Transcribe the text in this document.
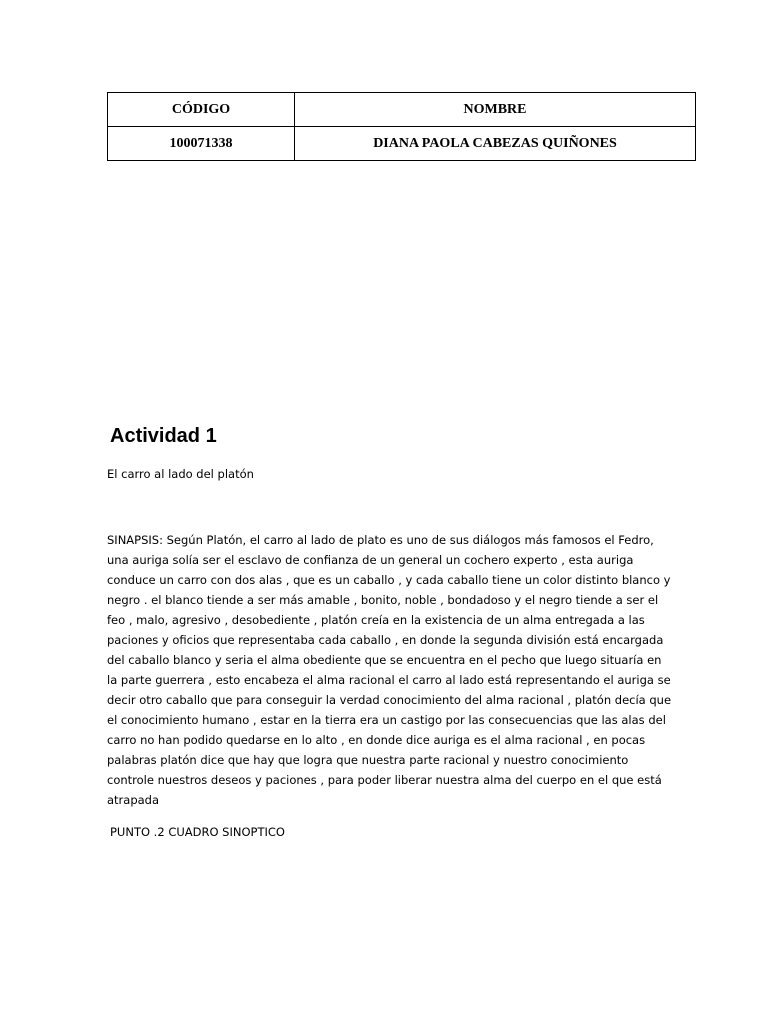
CÓDIGO	NOMBRE
100071338	DIANA PAOLA CABEZAS QUIÑONES
Actividad 1

El carro al lado del platón

SINAPSIS: Según Platón, el carro al lado de plato es uno de sus diálogos más famosos el Fedro,
una auriga solía ser el esclavo de confianza de un general un cochero experto , esta auriga
conduce un carro con dos alas , que es un caballo , y cada caballo tiene un color distinto blanco y
negro . el blanco tiende a ser más amable , bonito, noble , bondadoso y el negro tiende a ser el
feo , malo, agresivo , desobediente , platón creía en la existencia de un alma entregada a las
paciones y oficios que representaba cada caballo , en donde la segunda división está encargada
del caballo blanco y seria el alma obediente que se encuentra en el pecho que luego situaría en
la parte guerrera , esto encabeza el alma racional el carro al lado está representando el auriga se
decir otro caballo que para conseguir la verdad conocimiento del alma racional , platón decía que
el conocimiento humano , estar en la tierra era un castigo por las consecuencias que las alas del
carro no han podido quedarse en lo alto , en donde dice auriga es el alma racional , en pocas
palabras platón dice que hay que logra que nuestra parte racional y nuestro conocimiento
controle nuestros deseos y paciones , para poder liberar nuestra alma del cuerpo en el que está
atrapada

PUNTO .2 CUADRO SINOPTICO
